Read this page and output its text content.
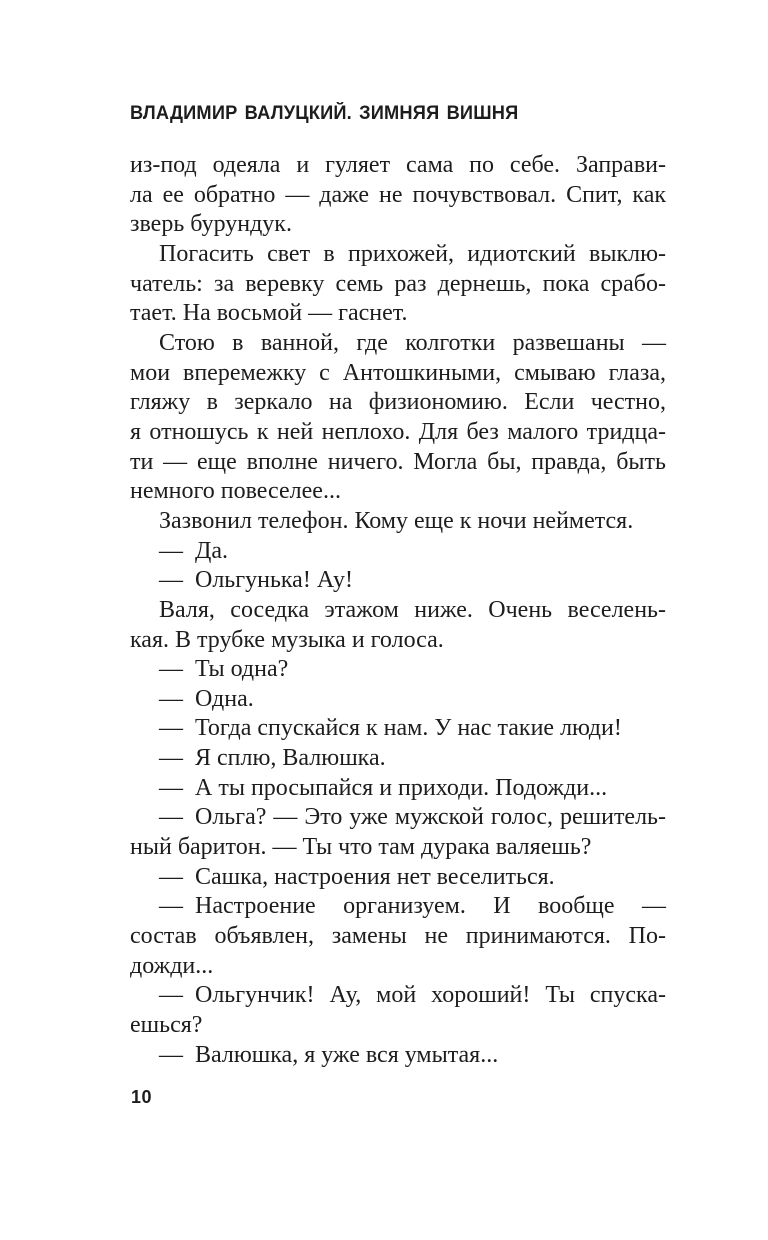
ВЛАДИМИР ВАЛУЦКИЙ. ЗИМНЯЯ ВИШНЯ
из-под одеяла и гуляет сама по себе. Заправи-
ла ее обратно — даже не почувствовал. Спит, как
зверь бурундук.
Погасить свет в прихожей, идиотский выклю-
чатель: за веревку семь раз дернешь, пока срабо-
тает. На восьмой — гаснет.
Стою в ванной, где колготки развешаны —
мои вперемежку с Антошкиными, смываю глаза,
гляжу в зеркало на физиономию. Если честно,
я отношусь к ней неплохо. Для без малого тридца-
ти — еще вполне ничего. Могла бы, правда, быть
немного повеселее...
Зазвонил телефон. Кому еще к ночи неймется.
— Да.
— Ольгунька! Ау!
Валя, соседка этажом ниже. Очень веселень-
кая. В трубке музыка и голоса.
— Ты одна?
— Одна.
— Тогда спускайся к нам. У нас такие люди!
— Я сплю, Валюшка.
— А ты просыпайся и приходи. Подожди...
— Ольга? — Это уже мужской голос, решитель-
ный баритон. — Ты что там дурака валяешь?
— Сашка, настроения нет веселиться.
— Настроение организуем. И вообще —
состав объявлен, замены не принимаются. По-
дожди...
— Ольгунчик! Ау, мой хороший! Ты спуска-
ешься?
— Валюшка, я уже вся умытая...
10
